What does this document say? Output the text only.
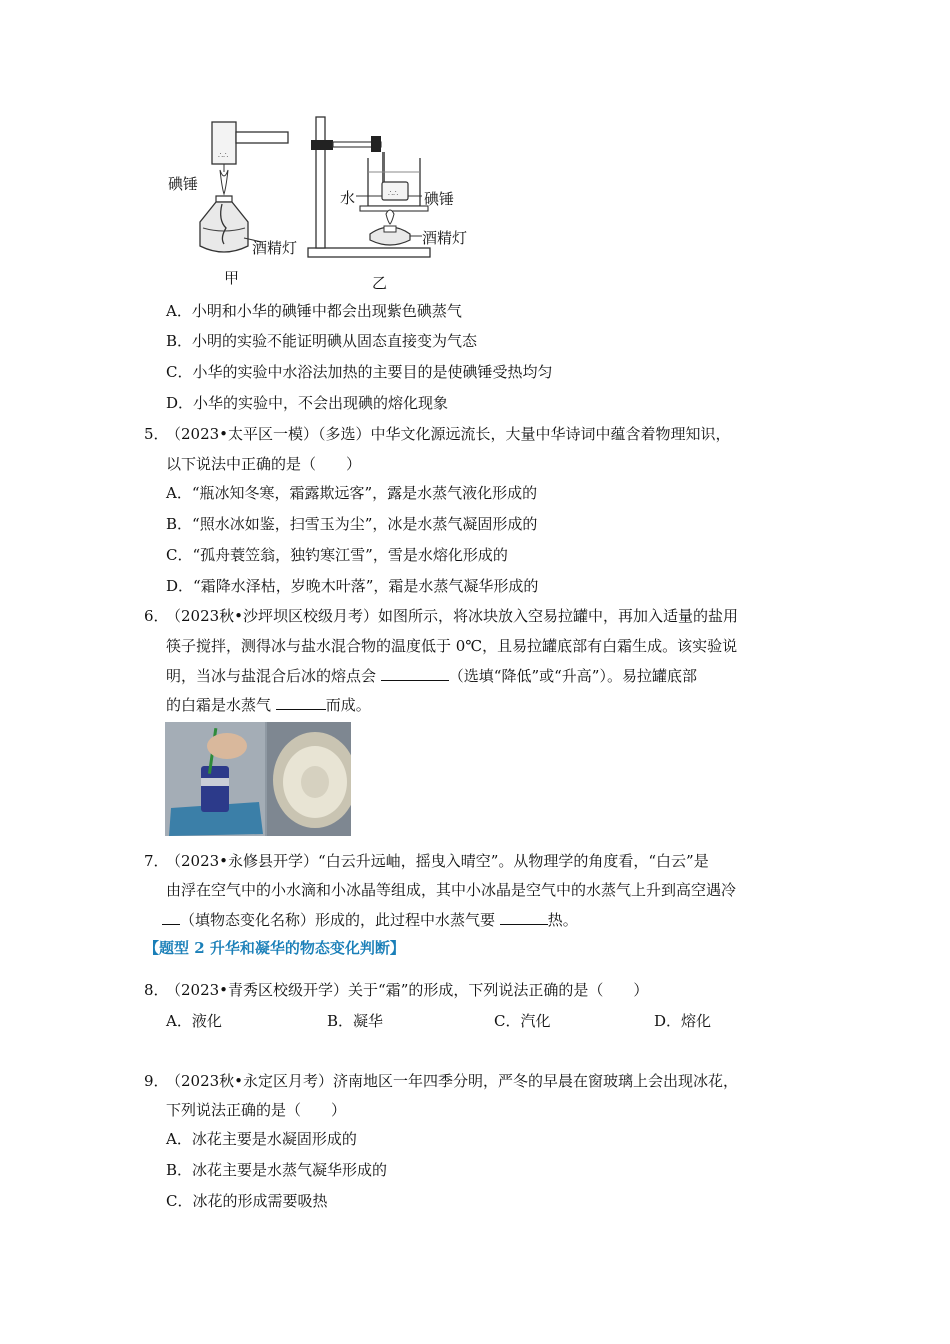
∴∴
∴∴
碘锤
酒精灯
甲
水	碘锤
酒精灯
乙
A．小明和小华的碘锤中都会出现紫色碘蒸气
B．小明的实验不能证明碘从固态直接变为气态
C．小华的实验中水浴法加热的主要目的是使碘锤受热均匀
D．小华的实验中，不会出现碘的熔化现象
5．
（2023•太平区一模）（多选）中华文化源远流长，大量中华诗词中蕴含着物理知识，
以下说法中正确的是（　　）
A．“瓶冰知冬寒，霜露欺远客”，露是水蒸气液化形成的
B．“照水冰如鉴，扫雪玉为尘”，冰是水蒸气凝固形成的
C．“孤舟蓑笠翁，独钓寒江雪”，雪是水熔化形成的
D．“霜降水泽枯，岁晚木叶落”，霜是水蒸气凝华形成的
6．
（2023秋•沙坪坝区校级月考）如图所示，将冰块放入空易拉罐中，再加入适量的盐用
筷子搅拌，测得冰与盐水混合物的温度低于 0℃，且易拉罐底部有白霜生成。该实验说
明，当冰与盐混合后冰的熔点会	（选填“降低”或“升高”）。易拉罐底部
的白霜是水蒸气	而成。
7．
（2023•永修县开学）“白云升远岫，摇曳入晴空”。从物理学的角度看，“白云”是
由浮在空气中的小水滴和小冰晶等组成，其中小冰晶是空气中的水蒸气上升到高空遇冷
（填物态变化名称）形成的，此过程中水蒸气要	热。
【题型 2 升华和凝华的物态变化判断】
8．
（2023•青秀区校级开学）关于“霜”的形成，下列说法正确的是（　　）
A．液化	B．凝华	C．汽化	D．熔化
9．
（2023秋•永定区月考）济南地区一年四季分明，严冬的早晨在窗玻璃上会出现冰花，
下列说法正确的是（　　）
A．冰花主要是水凝固形成的
B．冰花主要是水蒸气凝华形成的
C．冰花的形成需要吸热
